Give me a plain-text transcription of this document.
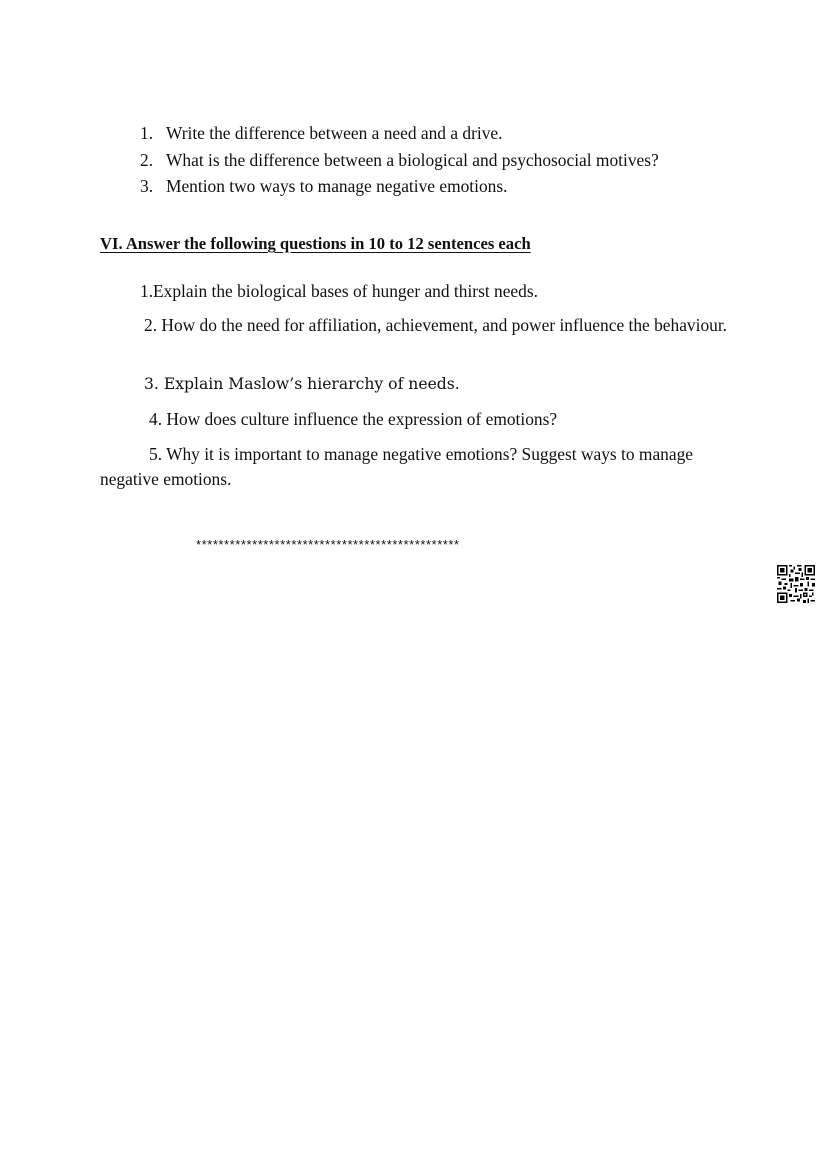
1. Write the difference between a need and a drive.
2. What is the difference between a biological and psychosocial motives?
3. Mention two ways to manage negative emotions.
VI. Answer the following questions in 10 to 12 sentences each

1.Explain the biological bases of hunger and thirst needs.

2. How do the need for affiliation, achievement, and power influence the behaviour.

3. Explain Maslow’s hierarchy of needs.

4. How does culture influence the expression of emotions?

5. Why it is important to manage negative emotions? Suggest ways to manage negative emotions.

***********************************************
